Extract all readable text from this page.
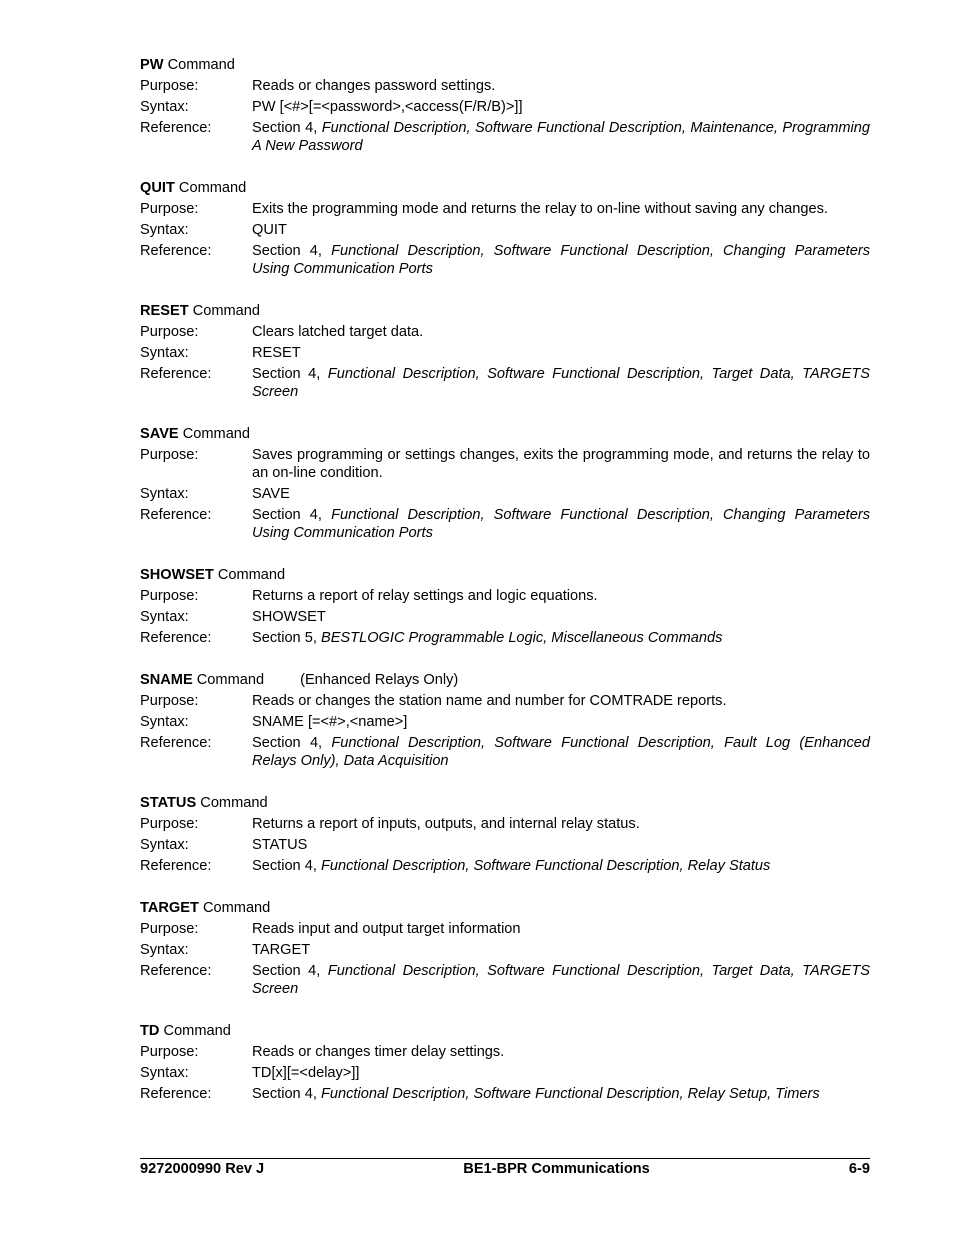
PW Command
Purpose:	Reads or changes password settings.
Syntax:	PW [<#>[=<password>,<access(F/R/B)>]]
Reference:	Section 4, Functional Description, Software Functional Description, Maintenance, Programming A New Password
QUIT Command
Purpose:	Exits the programming mode and returns the relay to on-line without saving any changes.
Syntax:	QUIT
Reference:	Section 4, Functional Description, Software Functional Description, Changing Parameters Using Communication Ports
RESET Command
Purpose:	Clears latched target data.
Syntax:	RESET
Reference:	Section 4, Functional Description, Software Functional Description, Target Data, TARGETS Screen
SAVE Command
Purpose:	Saves programming or settings changes, exits the programming mode, and returns the relay to an on-line condition.
Syntax:	SAVE
Reference:	Section 4, Functional Description, Software Functional Description, Changing Parameters Using Communication Ports
SHOWSET Command
Purpose:	Returns a report of relay settings and logic equations.
Syntax:	SHOWSET
Reference:	Section 5, BESTLOGIC Programmable Logic, Miscellaneous Commands
SNAME Command (Enhanced Relays Only)
Purpose:	Reads or changes the station name and number for COMTRADE reports.
Syntax:	SNAME [=<#>,<name>]
Reference:	Section 4, Functional Description, Software Functional Description, Fault Log (Enhanced Relays Only), Data Acquisition
STATUS Command
Purpose:	Returns a report of inputs, outputs, and internal relay status.
Syntax:	STATUS
Reference:	Section 4, Functional Description, Software Functional Description, Relay Status
TARGET Command
Purpose:	Reads input and output target information
Syntax:	TARGET
Reference:	Section 4, Functional Description, Software Functional Description, Target Data, TARGETS Screen
TD Command
Purpose:	Reads or changes timer delay settings.
Syntax:	TD[x][=<delay>]]
Reference:	Section 4, Functional Description, Software Functional Description, Relay Setup, Timers
9272000990 Rev J	BE1-BPR Communications	6-9
